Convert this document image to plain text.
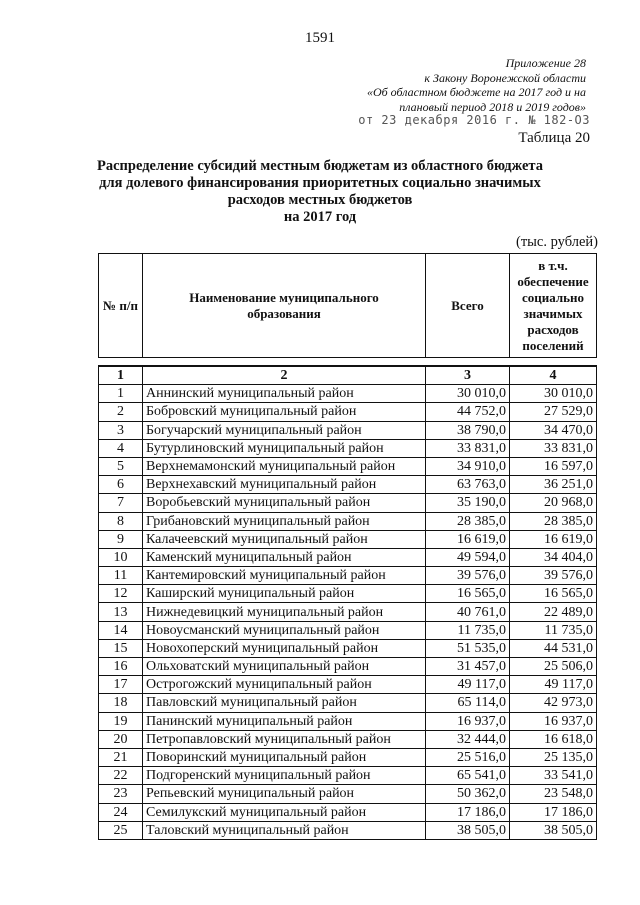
1591
Приложение 28
к Закону Воронежской области
«Об областном бюджете на 2017 год и на
плановый период 2018 и 2019 годов»
от 23 декабря 2016 г. № 182-ОЗ
Таблица 20
Распределение субсидий местным бюджетам из областного бюджета
для долевого финансирования приоритетных социально значимых
расходов местных бюджетов
на 2017 год
(тыс. рублей)
№ п/п	Наименование муниципального образования	Всего	в т.ч. обеспечение социально значимых расходов поселений
1	2	3	4
1	Аннинский муниципальный район	30 010,0	30 010,0
2	Бобровский муниципальный район	44 752,0	27 529,0
3	Богучарский муниципальный район	38 790,0	34 470,0
4	Бутурлиновский муниципальный район	33 831,0	33 831,0
5	Верхнемамонский муниципальный район	34 910,0	16 597,0
6	Верхнехавский муниципальный район	63 763,0	36 251,0
7	Воробьевский муниципальный район	35 190,0	20 968,0
8	Грибановский муниципальный район	28 385,0	28 385,0
9	Калачеевский муниципальный район	16 619,0	16 619,0
10	Каменский муниципальный район	49 594,0	34 404,0
11	Кантемировский муниципальный район	39 576,0	39 576,0
12	Каширский муниципальный район	16 565,0	16 565,0
13	Нижнедевицкий муниципальный район	40 761,0	22 489,0
14	Новоусманский муниципальный район	11 735,0	11 735,0
15	Новохоперский муниципальный район	51 535,0	44 531,0
16	Ольховатский муниципальный район	31 457,0	25 506,0
17	Острогожский муниципальный район	49 117,0	49 117,0
18	Павловский муниципальный район	65 114,0	42 973,0
19	Панинский муниципальный район	16 937,0	16 937,0
20	Петропавловский муниципальный район	32 444,0	16 618,0
21	Поворинский муниципальный район	25 516,0	25 135,0
22	Подгоренский муниципальный район	65 541,0	33 541,0
23	Репьевский муниципальный район	50 362,0	23 548,0
24	Семилукский муниципальный район	17 186,0	17 186,0
25	Таловский муниципальный район	38 505,0	38 505,0
